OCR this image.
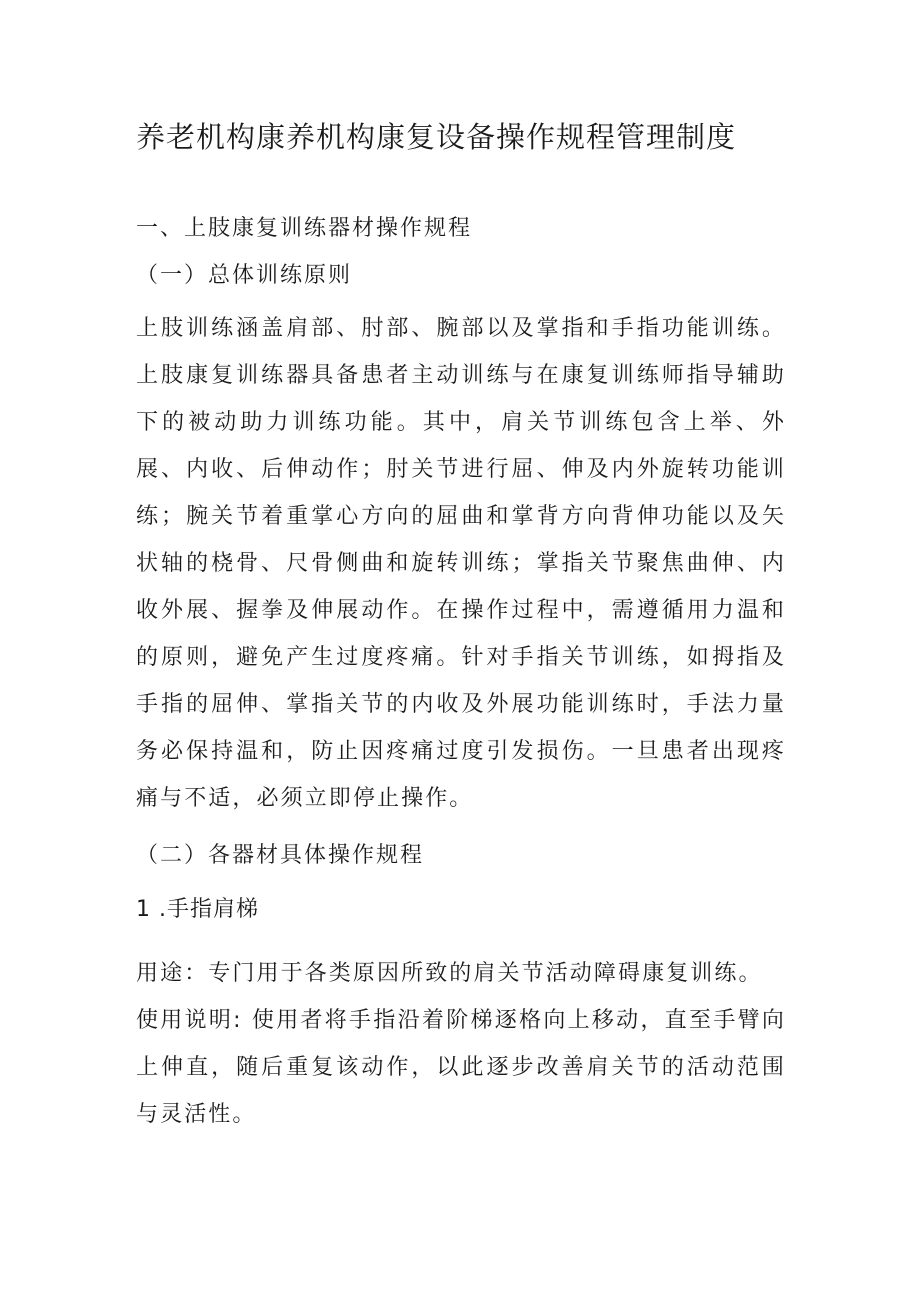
养老机构康养机构康复设备操作规程管理制度
一、上肢康复训练器材操作规程
（一）总体训练原则
上肢训练涵盖肩部、肘部、腕部以及掌指和手指功能训练。上肢康复训练器具备患者主动训练与在康复训练师指导辅助下的被动助力训练功能。其中，肩关节训练包含上举、外展、内收、后伸动作；肘关节进行屈、伸及内外旋转功能训练；腕关节着重掌心方向的屈曲和掌背方向背伸功能以及矢状轴的桡骨、尺骨侧曲和旋转训练；掌指关节聚焦曲伸、内收外展、握拳及伸展动作。在操作过程中，需遵循用力温和的原则，避免产生过度疼痛。针对手指关节训练，如拇指及手指的屈伸、掌指关节的内收及外展功能训练时，手法力量务必保持温和，防止因疼痛过度引发损伤。一旦患者出现疼痛与不适，必须立即停止操作。
（二）各器材具体操作规程
1 .手指肩梯
用途：专门用于各类原因所致的肩关节活动障碍康复训练。
使用说明: 使用者将手指沿着阶梯逐格向上移动，直至手臂向上伸直，随后重复该动作，以此逐步改善肩关节的活动范围与灵活性。
